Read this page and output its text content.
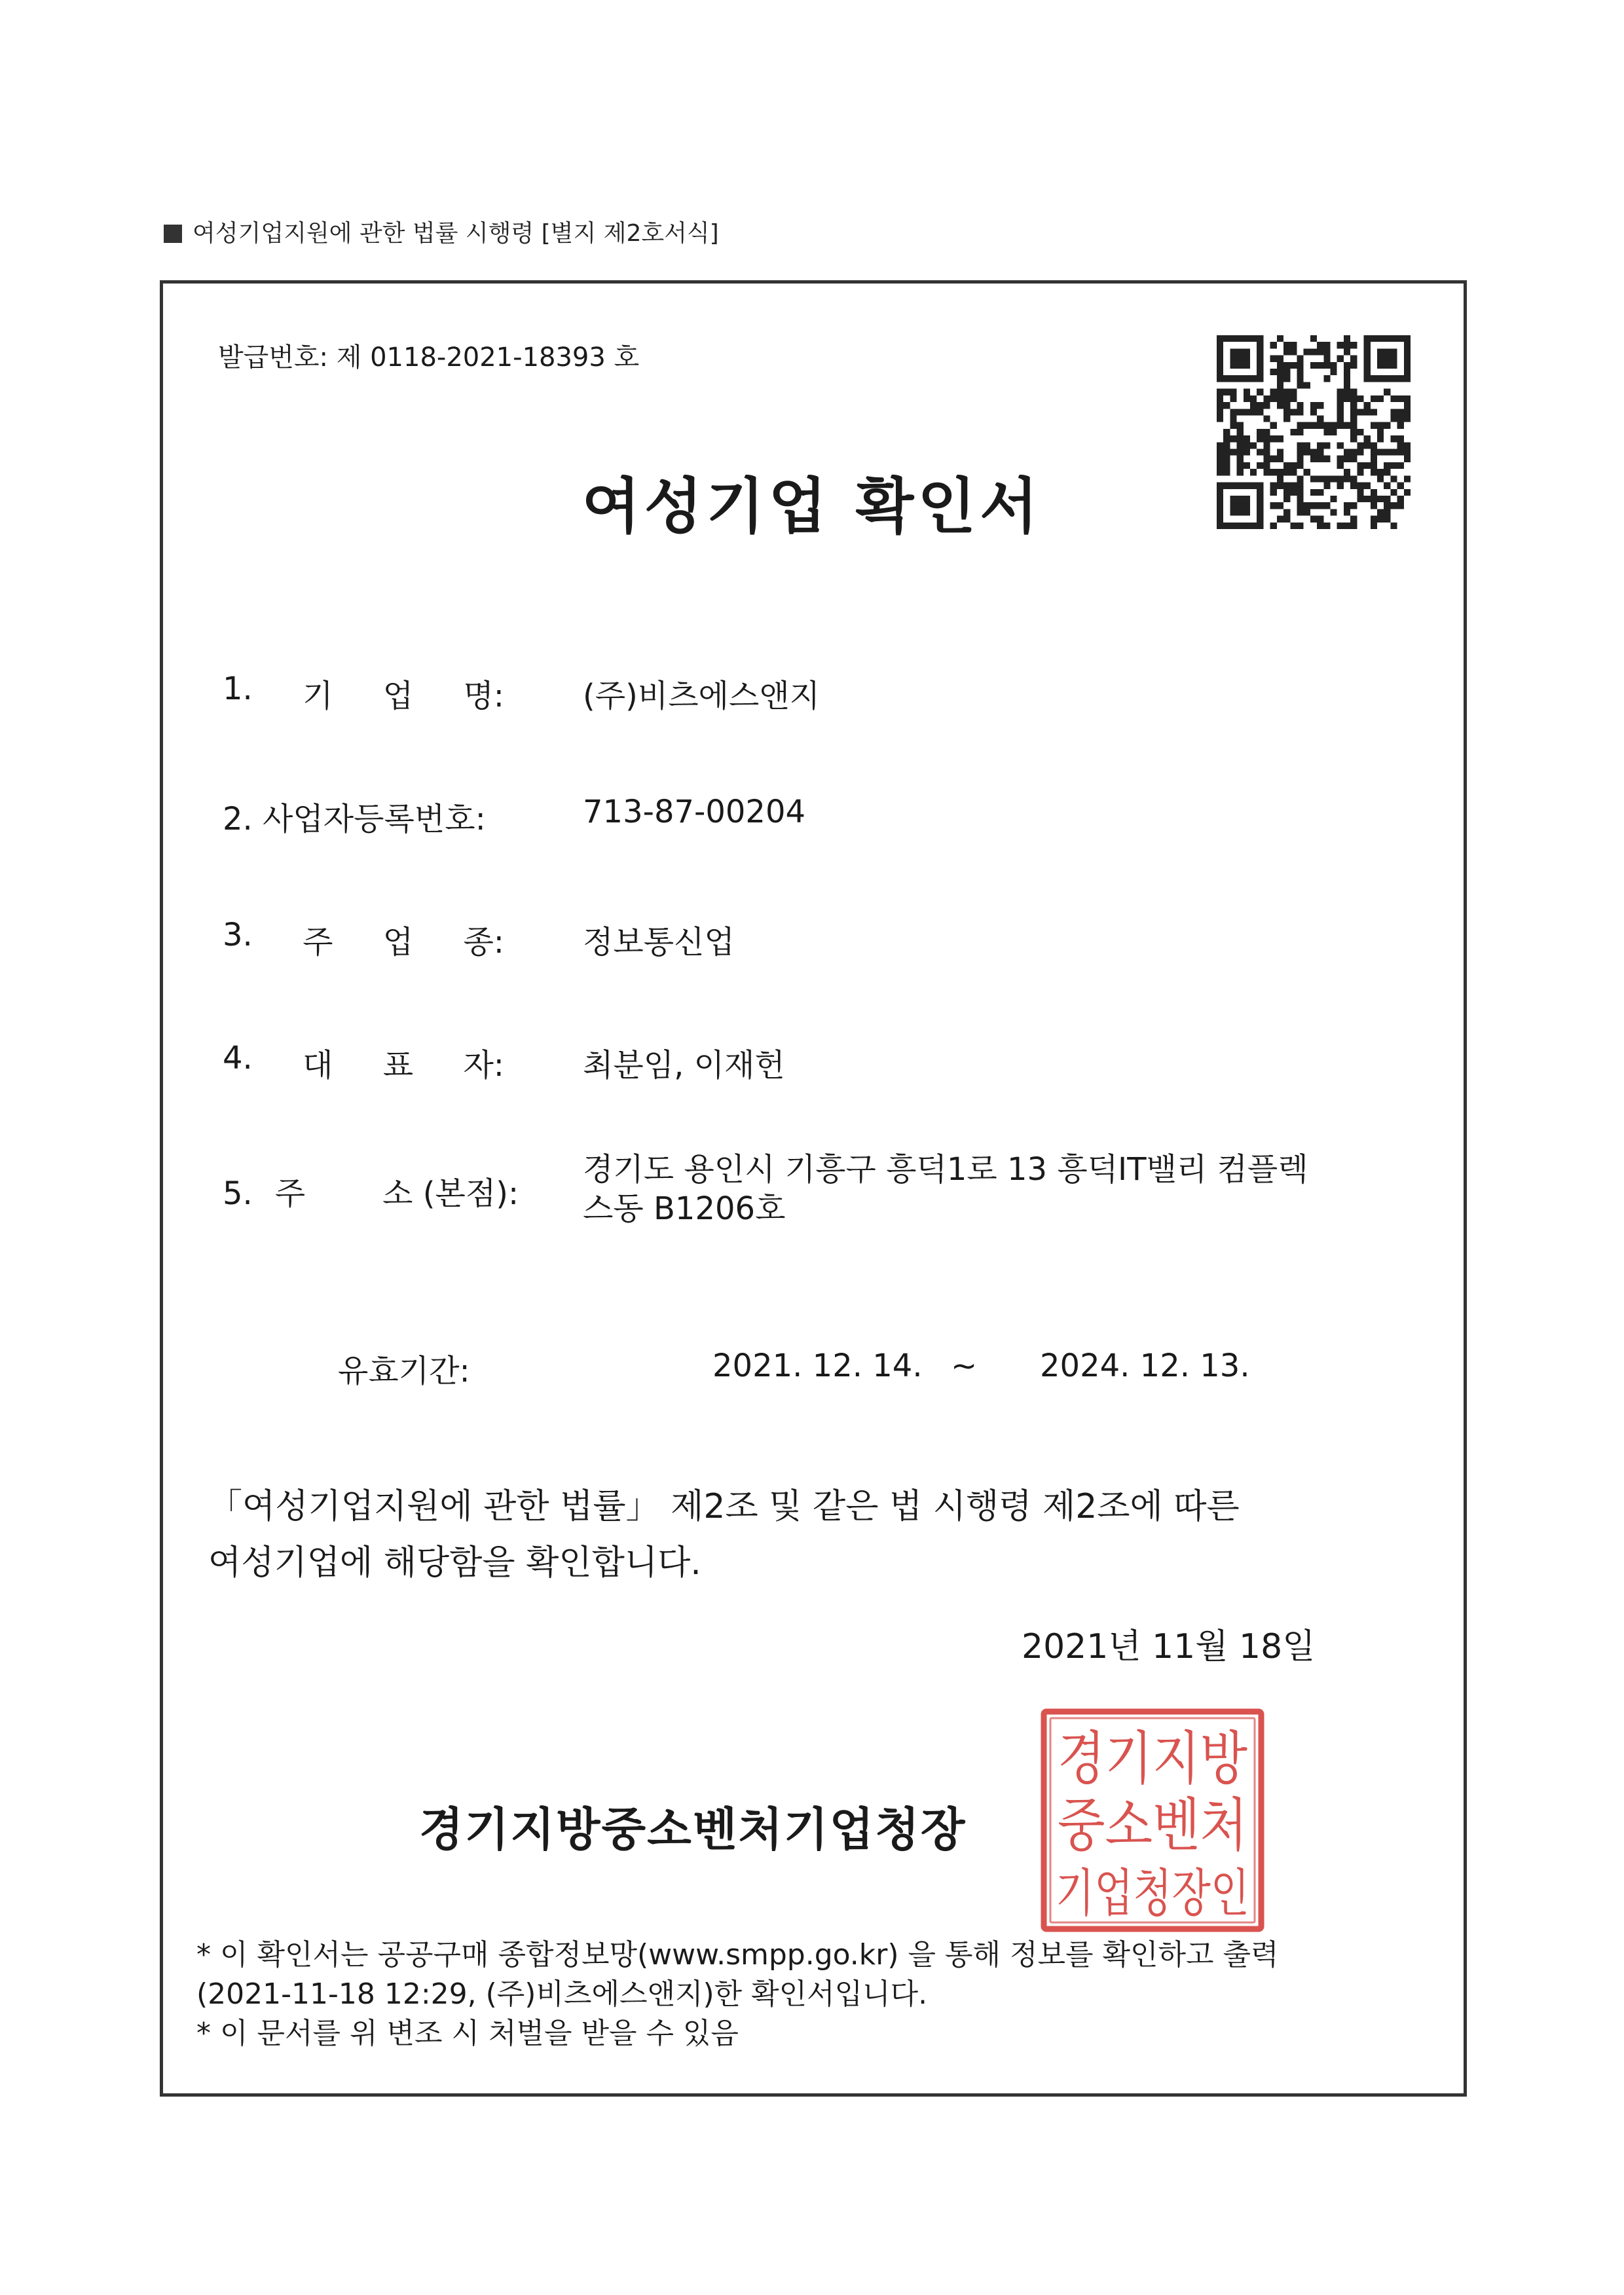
여성기업지원에 관한 법률 시행령 [별지 제2호서식]
발급번호: 제 0118-2021-18393 호
여성기업 확인서
1. 기 업 명:	(주)비츠에스앤지
2. 사업자등록번호:	713-87-00204
3. 주 업 종:	정보통신업
4. 대 표 자:	최분임, 이재헌
5. 주 소 (본점):
경기도 용인시 기흥구 흥덕1로 13 흥덕IT밸리 컴플렉
스동 B1206호
유효기간:	2021. 12. 14. ~ 2024. 12. 13.
「여성기업지원에 관한 법률」 제2조 및 같은 법 시행령 제2조에 따른
여성기업에 해당함을 확인합니다.
2021년 11월 18일
경기지방중소벤처기업청장
경기지방
중소벤처
기업청장인
* 이 확인서는 공공구매 종합정보망(www.smpp.go.kr) 을 통해 정보를 확인하고 출력
(2021-11-18 12:29, (주)비츠에스앤지)한 확인서입니다.
* 이 문서를 위 변조 시 처벌을 받을 수 있음
